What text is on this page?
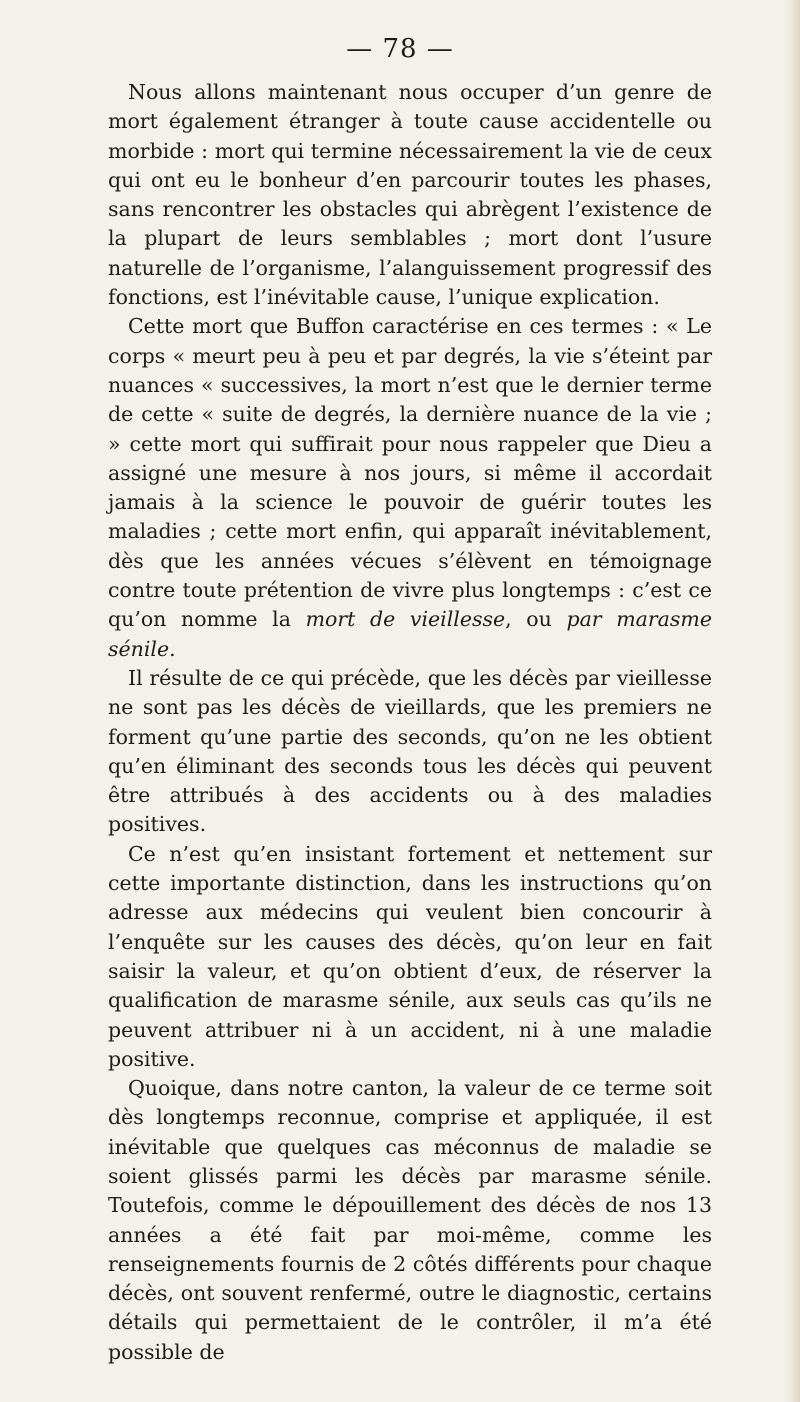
— 78 —

Nous allons maintenant nous occuper d’un genre de mort également étranger à toute cause accidentelle ou morbide : mort qui termine nécessairement la vie de ceux qui ont eu le bonheur d’en parcourir toutes les phases, sans rencontrer les obstacles qui abrègent l’existence de la plupart de leurs semblables ; mort dont l’usure naturelle de l’organisme, l’alanguissement progressif des fonctions, est l’inévitable cause, l’unique explication.

Cette mort que Buffon caractérise en ces termes : « Le corps « meurt peu à peu et par degrés, la vie s’éteint par nuances « successives, la mort n’est que le dernier terme de cette « suite de degrés, la dernière nuance de la vie ; » cette mort qui suffirait pour nous rappeler que Dieu a assigné une mesure à nos jours, si même il accordait jamais à la science le pouvoir de guérir toutes les maladies ; cette mort enfin, qui apparaît inévitablement, dès que les années vécues s’élèvent en témoignage contre toute prétention de vivre plus longtemps : c’est ce qu’on nomme la mort de vieillesse, ou par marasme sénile.

Il résulte de ce qui précède, que les décès par vieillesse ne sont pas les décès de vieillards, que les premiers ne forment qu’une partie des seconds, qu’on ne les obtient qu’en éliminant des seconds tous les décès qui peuvent être attribués à des accidents ou à des maladies positives.

Ce n’est qu’en insistant fortement et nettement sur cette importante distinction, dans les instructions qu’on adresse aux médecins qui veulent bien concourir à l’enquête sur les causes des décès, qu’on leur en fait saisir la valeur, et qu’on obtient d’eux, de réserver la qualification de marasme sénile, aux seuls cas qu’ils ne peuvent attribuer ni à un accident, ni à une maladie positive.

Quoique, dans notre canton, la valeur de ce terme soit dès longtemps reconnue, comprise et appliquée, il est inévitable que quelques cas méconnus de maladie se soient glissés parmi les décès par marasme sénile. Toutefois, comme le dépouillement des décès de nos 13 années a été fait par moi-même, comme les renseignements fournis de 2 côtés différents pour chaque décès, ont souvent renfermé, outre le diagnostic, certains détails qui permettaient de le contrôler, il m’a été possible de
